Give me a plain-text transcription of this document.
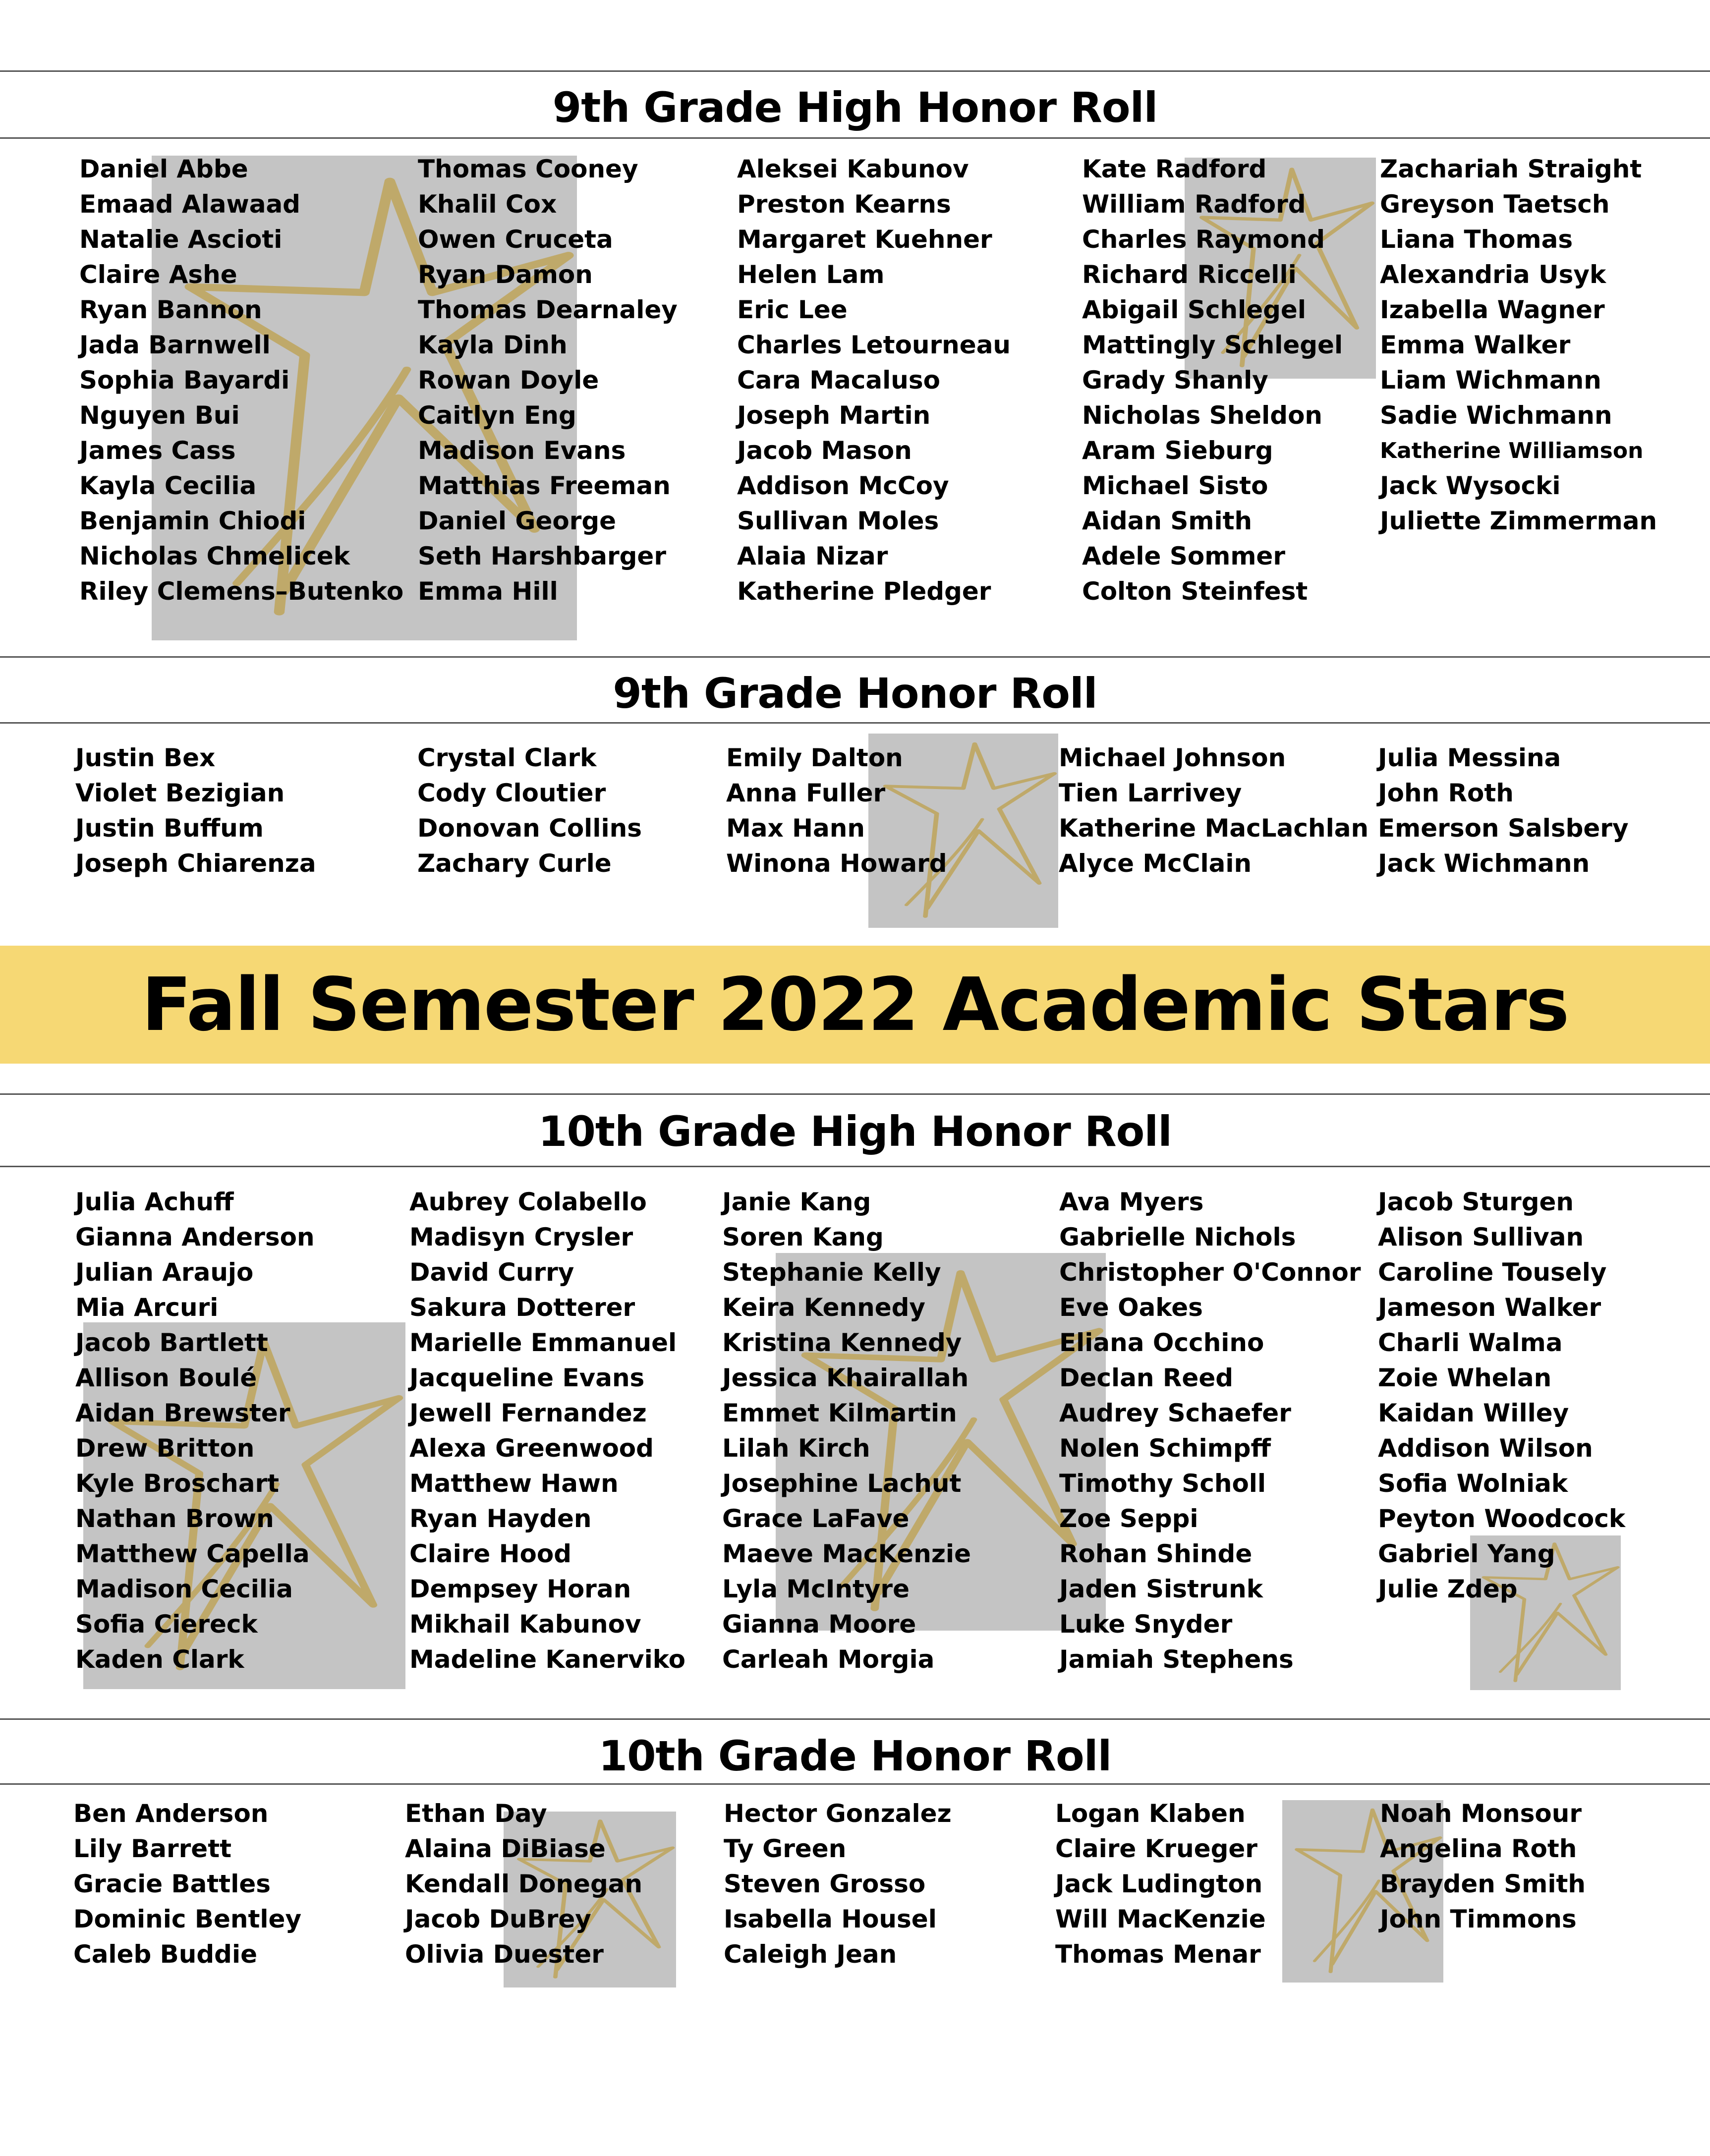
9th Grade High Honor Roll
Daniel Abbe
Emaad Alawaad
Natalie Ascioti
Claire Ashe
Ryan Bannon
Jada Barnwell
Sophia Bayardi
Nguyen Bui
James Cass
Kayla Cecilia
Benjamin Chiodi
Nicholas Chmelicek
Riley Clemens–Butenko
Thomas Cooney
Khalil Cox
Owen Cruceta
Ryan Damon
Thomas Dearnaley
Kayla Dinh
Rowan Doyle
Caitlyn Eng
Madison Evans
Matthias Freeman
Daniel George
Seth Harshbarger
Emma Hill
Aleksei Kabunov
Preston Kearns
Margaret Kuehner
Helen Lam
Eric Lee
Charles Letourneau
Cara Macaluso
Joseph Martin
Jacob Mason
Addison McCoy
Sullivan Moles
Alaia Nizar
Katherine Pledger
Kate Radford
William Radford
Charles Raymond
Richard Riccelli
Abigail Schlegel
Mattingly Schlegel
Grady Shanly
Nicholas Sheldon
Aram Sieburg
Michael Sisto
Aidan Smith
Adele Sommer
Colton Steinfest
Zachariah Straight
Greyson Taetsch
Liana Thomas
Alexandria Usyk
Izabella Wagner
Emma Walker
Liam Wichmann
Sadie Wichmann
Katherine Williamson
Jack Wysocki
Juliette Zimmerman
9th Grade Honor Roll
Justin Bex
Violet Bezigian
Justin Buffum
Joseph Chiarenza
Crystal Clark
Cody Cloutier
Donovan Collins
Zachary Curle
Emily Dalton
Anna Fuller
Max Hann
Winona Howard
Michael Johnson
Tien Larrivey
Katherine MacLachlan
Alyce McClain
Julia Messina
John Roth
Emerson Salsbery
Jack Wichmann
Fall Semester 2022 Academic Stars
10th Grade High Honor Roll
Julia Achuff
Gianna Anderson
Julian Araujo
Mia Arcuri
Jacob Bartlett
Allison Boulé
Aidan Brewster
Drew Britton
Kyle Broschart
Nathan Brown
Matthew Capella
Madison Cecilia
Sofia Ciereck
Kaden Clark
Aubrey Colabello
Madisyn Crysler
David Curry
Sakura Dotterer
Marielle Emmanuel
Jacqueline Evans
Jewell Fernandez
Alexa Greenwood
Matthew Hawn
Ryan Hayden
Claire Hood
Dempsey Horan
Mikhail Kabunov
Madeline Kanerviko
Janie Kang
Soren Kang
Stephanie Kelly
Keira Kennedy
Kristina Kennedy
Jessica Khairallah
Emmet Kilmartin
Lilah Kirch
Josephine Lachut
Grace LaFave
Maeve MacKenzie
Lyla McIntyre
Gianna Moore
Carleah Morgia
Ava Myers
Gabrielle Nichols
Christopher O'Connor
Eve Oakes
Eliana Occhino
Declan Reed
Audrey Schaefer
Nolen Schimpff
Timothy Scholl
Zoe Seppi
Rohan Shinde
Jaden Sistrunk
Luke Snyder
Jamiah Stephens
Jacob Sturgen
Alison Sullivan
Caroline Tousely
Jameson Walker
Charli Walma
Zoie Whelan
Kaidan Willey
Addison Wilson
Sofia Wolniak
Peyton Woodcock
Gabriel Yang
Julie Zdep
10th Grade Honor Roll
Ben Anderson
Lily Barrett
Gracie Battles
Dominic Bentley
Caleb Buddie
Ethan Day
Alaina DiBiase
Kendall Donegan
Jacob DuBrey
Olivia Duester
Hector Gonzalez
Ty Green
Steven Grosso
Isabella Housel
Caleigh Jean
Logan Klaben
Claire Krueger
Jack Ludington
Will MacKenzie
Thomas Menar
Noah Monsour
Angelina Roth
Brayden Smith
John Timmons
